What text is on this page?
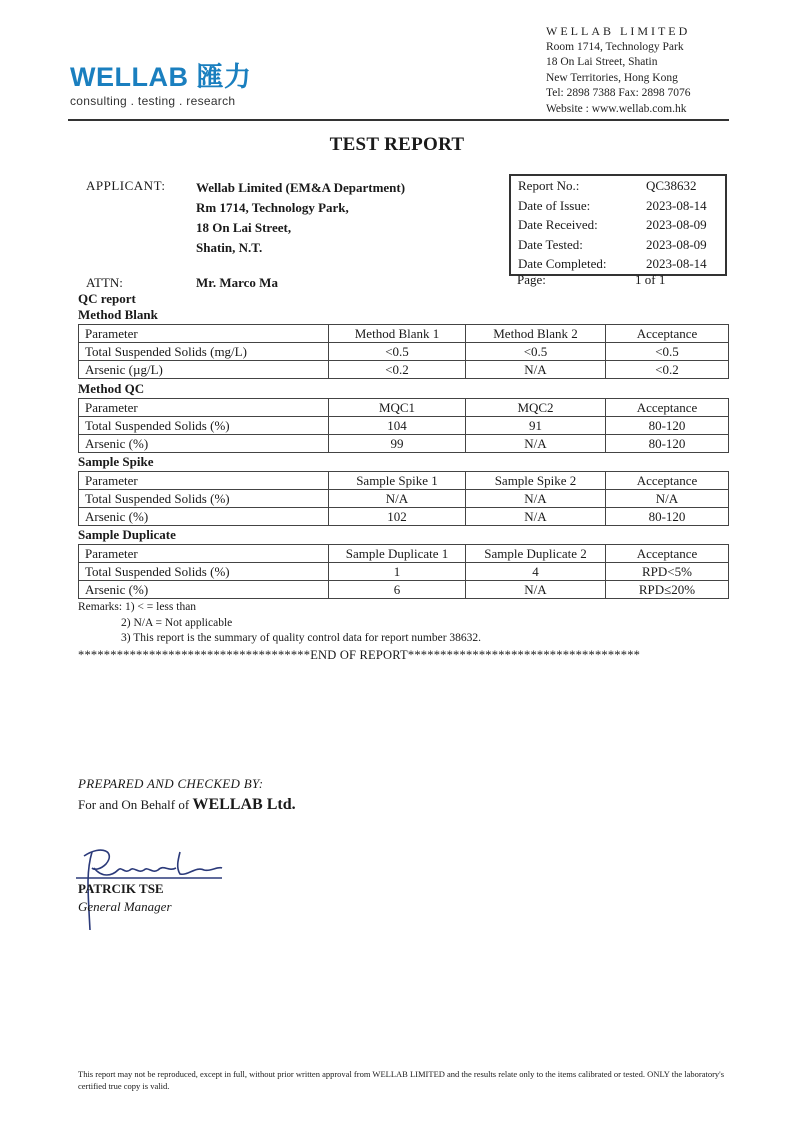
WELLAB 匯力
consulting . testing . research
WELLAB LIMITED
Room 1714, Technology Park
18 On Lai Street, Shatin
New Territories, Hong Kong
Tel: 2898 7388 Fax: 2898 7076
Website : www.wellab.com.hk
TEST REPORT
APPLICANT: Wellab Limited (EM&A Department)
Rm 1714, Technology Park,
18 On Lai Street,
Shatin, N.T.
ATTN:	Mr. Marco Ma
Report No.:	QC38632
Date of Issue:	2023-08-14
Date Received:	2023-08-09
Date Tested:	2023-08-09
Date Completed:	2023-08-14
Page:	1 of 1
QC report
Method Blank
Parameter	Method Blank 1	Method Blank 2	Acceptance
Total Suspended Solids (mg/L)	<0.5	<0.5	<0.5
Arsenic (µg/L)	<0.2	N/A	<0.2
Method QC
Parameter	MQC1	MQC2	Acceptance
Total Suspended Solids (%)	104	91	80-120
Arsenic (%)	99	N/A	80-120
Sample Spike
Parameter	Sample Spike 1	Sample Spike 2	Acceptance
Total Suspended Solids (%)	N/A	N/A	N/A
Arsenic (%)	102	N/A	80-120
Sample Duplicate
Parameter	Sample Duplicate 1	Sample Duplicate 2	Acceptance
Total Suspended Solids (%)	1	4	RPD<5%
Arsenic (%)	6	N/A	RPD≤20%
Remarks: 1) < = less than
2) N/A = Not applicable
3) This report is the summary of quality control data for report number 38632.
************************************END OF REPORT************************************
PREPARED AND CHECKED BY:
For and On Behalf of WELLAB Ltd.
PATRCIK TSE
General Manager
This report may not be reproduced, except in full, without prior written approval from WELLAB LIMITED and the results relate only to the items calibrated or tested. ONLY the laboratory's certified true copy is valid.
